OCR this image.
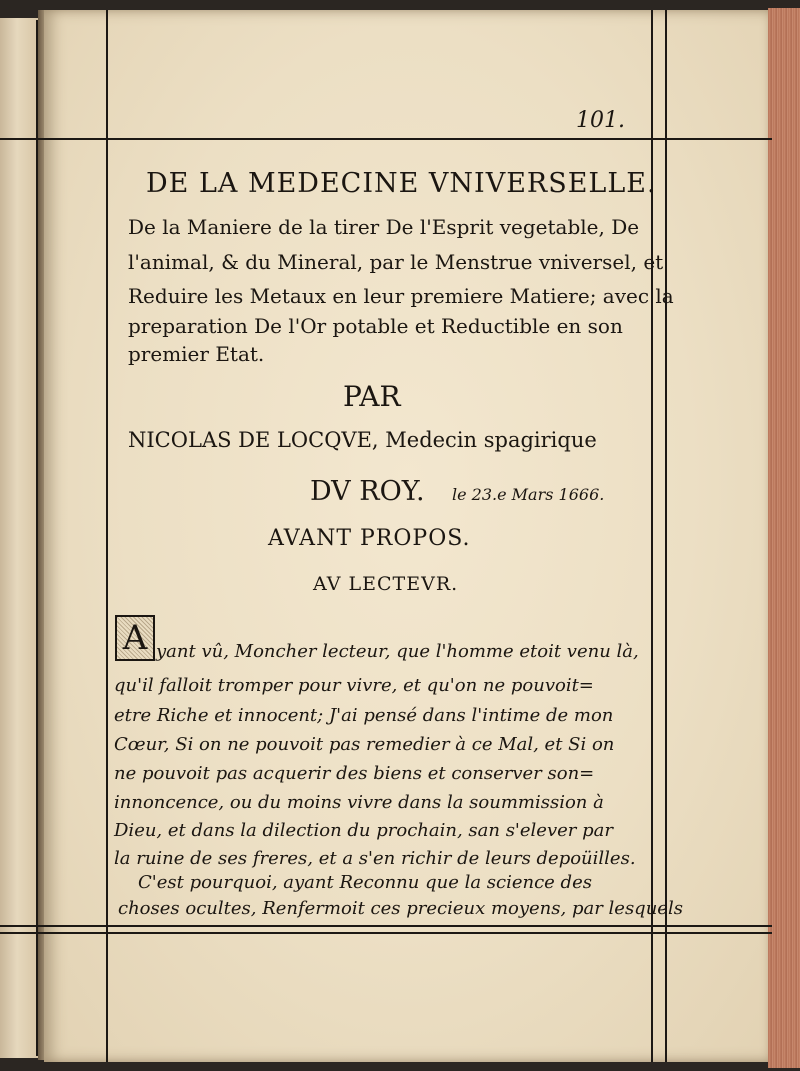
101.
DE LA MEDECINE VNIVERSELLE.
De la Maniere de la tirer De l'Esprit vegetable, De
l'animal, & du Mineral, par le Menstrue vniversel, et
Reduire les Metaux en leur premiere Matiere; avec la
preparation De l'Or potable et Reductible en son
premier Etat.
PAR
NICOLAS DE LOCQVE, Medecin spagirique
DV ROY. le 23.e Mars 1666.
AVANT PROPOS.
AV LECTEVR.
A yant vû, Moncher lecteur, que l'homme etoit venu là,
qu'il falloit tromper pour vivre, et qu'on ne pouvoit=
etre Riche et innocent; J'ai pensé dans l'intime de mon
Cœur, Si on ne pouvoit pas remedier à ce Mal, et Si on
ne pouvoit pas acquerir des biens et conserver son=
innoncence, ou du moins vivre dans la soummission à
Dieu, et dans la dilection du prochain, san s'elever par
la ruine de ses freres, et a s'en richir de leurs depoüilles.
C'est pourquoi, ayant Reconnu que la science des
choses ocultes, Renfermoit ces precieux moyens, par lesquels
